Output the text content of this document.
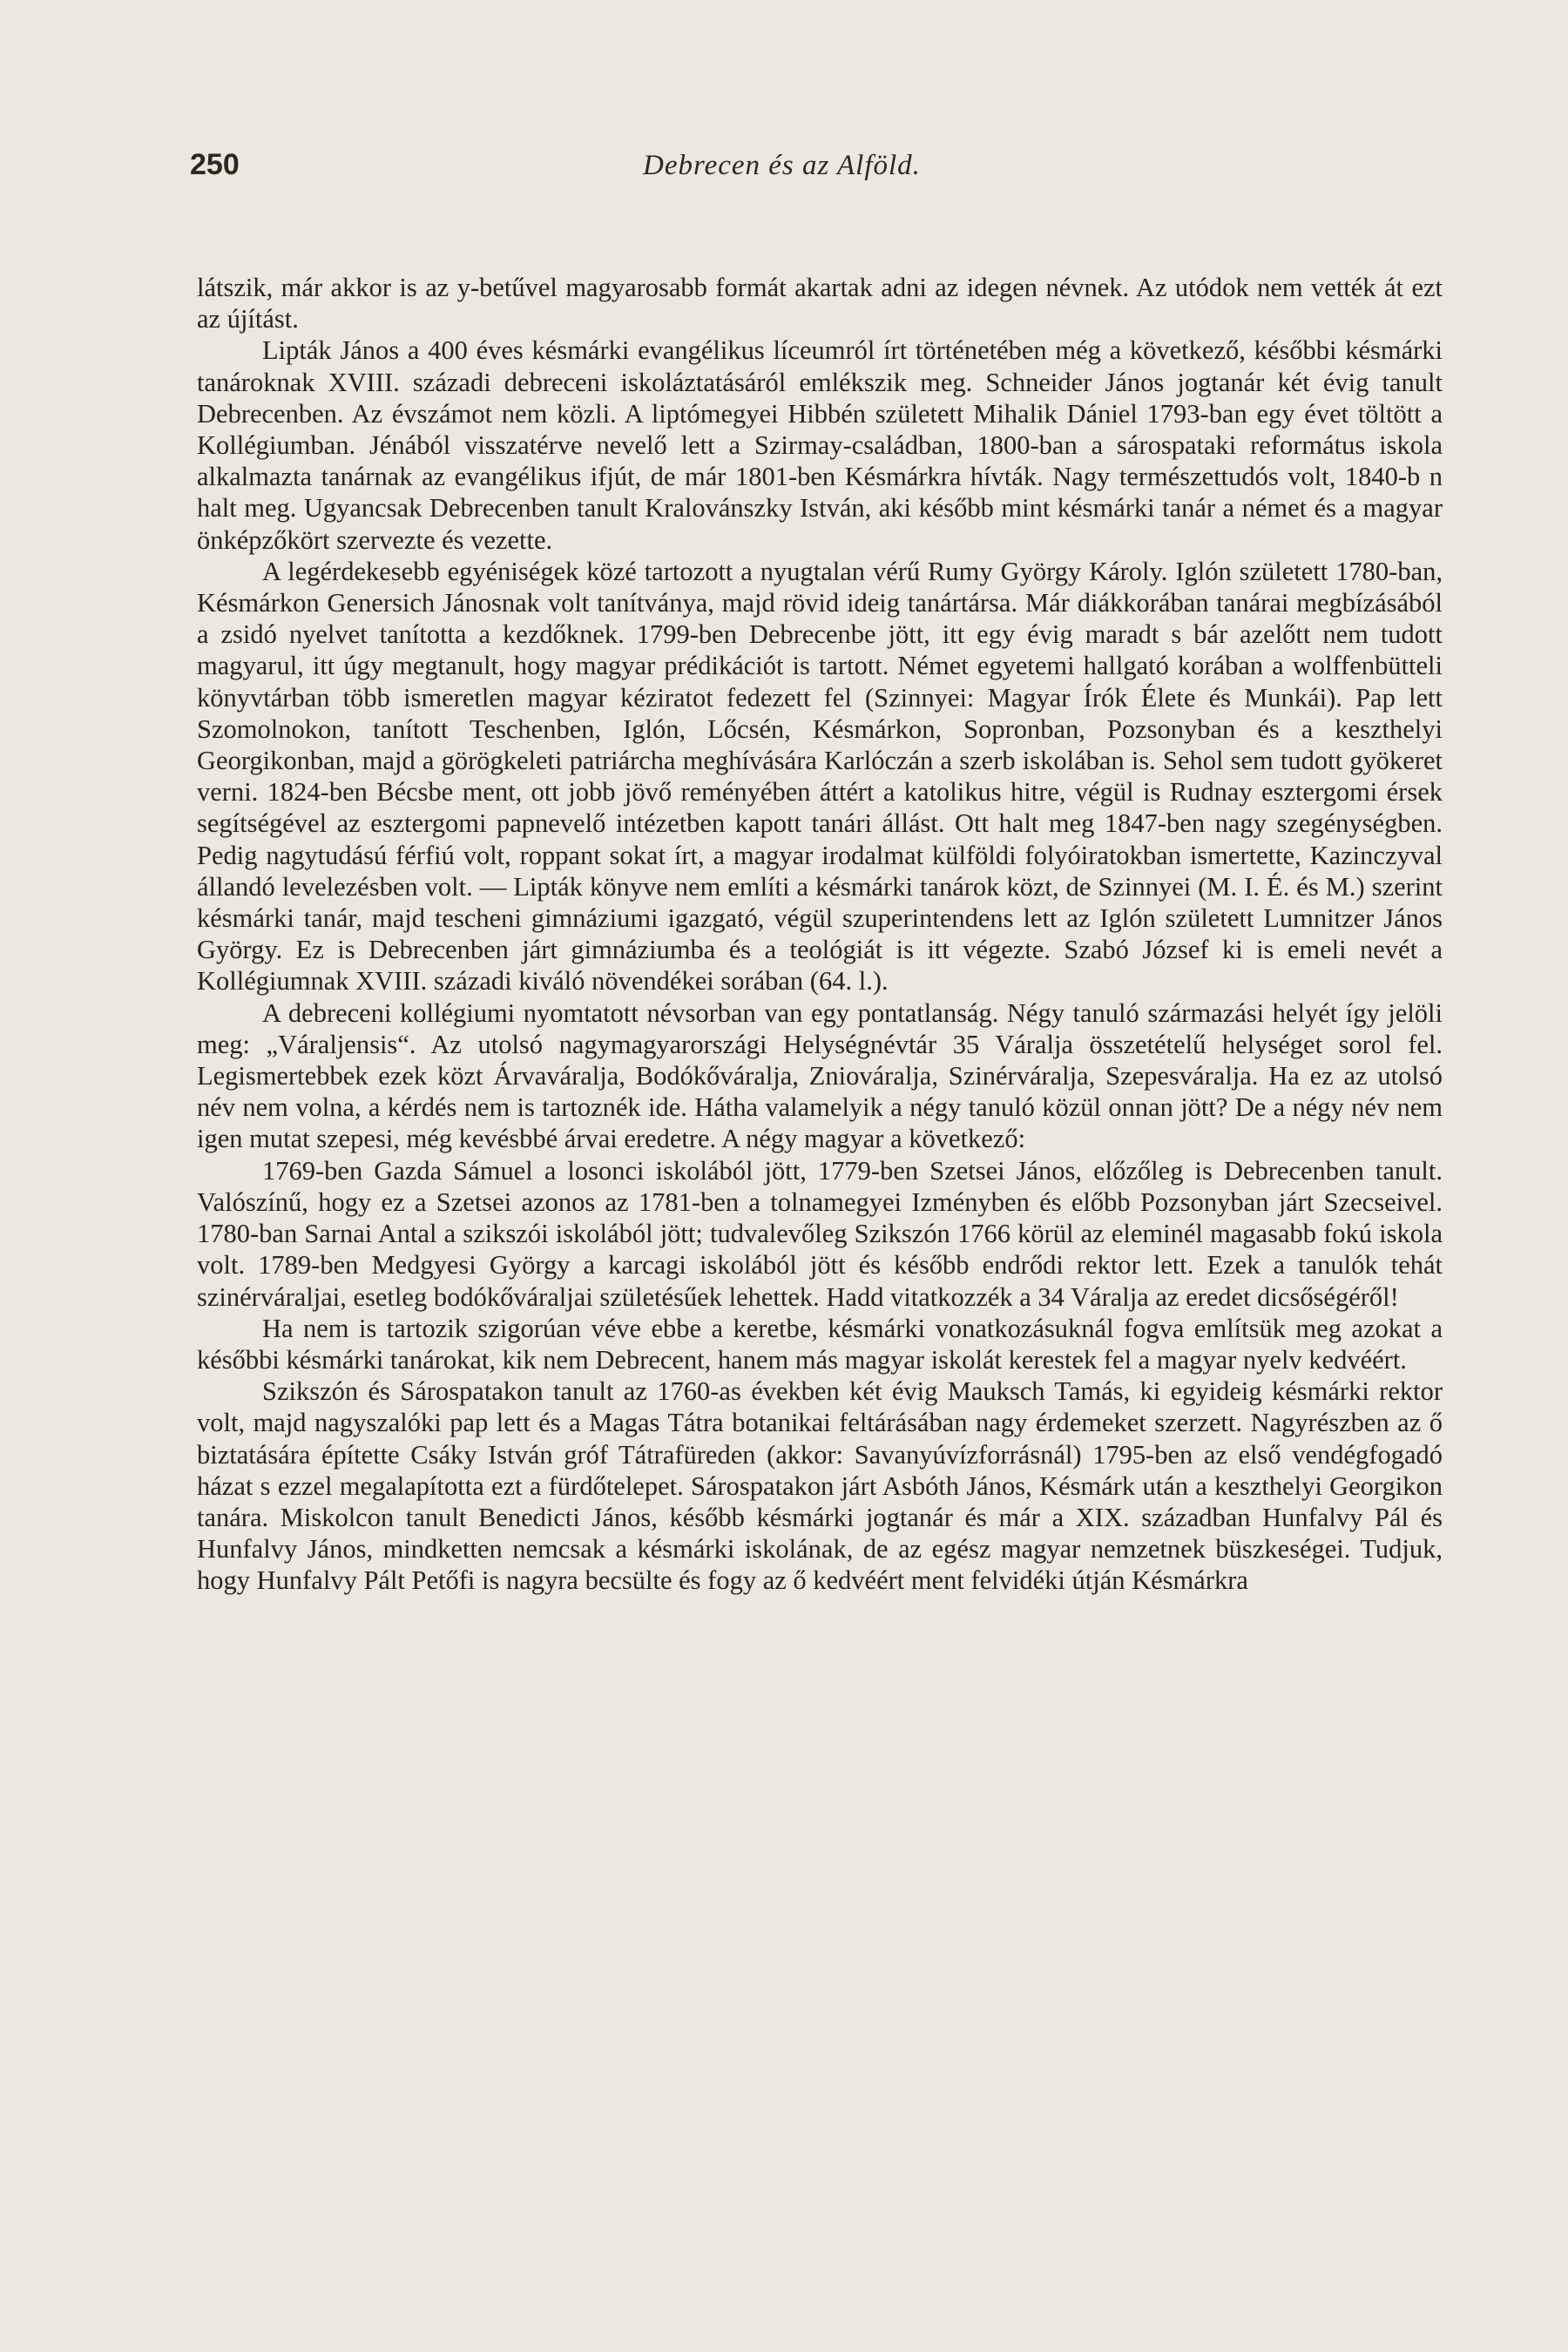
250	Debrecen és az Alföld.

látszik, már akkor is az y-betűvel magyarosabb formát akartak adni az idegen névnek. Az utódok nem vették át ezt az újítást.

Lipták János a 400 éves késmárki evangélikus líceumról írt történetében még a következő, későbbi késmárki tanároknak XVIII. századi debreceni iskoláztatásáról emlékszik meg. Schneider János jogtanár két évig tanult Debrecenben. Az évszámot nem közli. A liptómegyei Hibbén született Mihalik Dániel 1793-ban egy évet töltött a Kollégiumban. Jénából visszatérve nevelő lett a Szirmay-családban, 1800-ban a sárospataki református iskola alkalmazta tanárnak az evangélikus ifjút, de már 1801-ben Késmárkra hívták. Nagy természettudós volt, 1840-b n halt meg. Ugyancsak Debrecenben tanult Kralovánszky István, aki később mint késmárki tanár a német és a magyar önképzőkört szervezte és vezette.

A legérdekesebb egyéniségek közé tartozott a nyugtalan vérű Rumy György Károly. Iglón született 1780-ban, Késmárkon Genersich Jánosnak volt tanítványa, majd rövid ideig tanártársa. Már diákkorában tanárai megbízásából a zsidó nyelvet tanította a kezdőknek. 1799-ben Debrecenbe jött, itt egy évig maradt s bár azelőtt nem tudott magyarul, itt úgy megtanult, hogy magyar prédikációt is tartott. Német egyetemi hallgató korában a wolffenbütteli könyvtárban több ismeretlen magyar kéziratot fedezett fel (Szinnyei: Magyar Írók Élete és Munkái). Pap lett Szomolnokon, tanított Teschenben, Iglón, Lőcsén, Késmárkon, Sopronban, Pozsonyban és a keszthelyi Georgikonban, majd a görögkeleti patriárcha meghívására Karlóczán a szerb iskolában is. Sehol sem tudott gyökeret verni. 1824-ben Bécsbe ment, ott jobb jövő reményében áttért a katolikus hitre, végül is Rudnay esztergomi érsek segítségével az esztergomi papnevelő intézetben kapott tanári állást. Ott halt meg 1847-ben nagy szegénységben. Pedig nagytudású férfiú volt, roppant sokat írt, a magyar irodalmat külföldi folyóiratokban ismertette, Kazinczyval állandó levelezésben volt. — Lipták könyve nem említi a késmárki tanárok közt, de Szinnyei (M. I. É. és M.) szerint késmárki tanár, majd tescheni gimnáziumi igazgató, végül szuperintendens lett az Iglón született Lumnitzer János György. Ez is Debrecenben járt gimnáziumba és a teológiát is itt végezte. Szabó József ki is emeli nevét a Kollégiumnak XVIII. századi kiváló növendékei sorában (64. l.).

A debreceni kollégiumi nyomtatott névsorban van egy pontatlanság. Négy tanuló származási helyét így jelöli meg: „Váraljensis“. Az utolsó nagymagyarországi Helységnévtár 35 Váralja összetételű helységet sorol fel. Legismertebbek ezek közt Árvaváralja, Bodókőváralja, Zniováralja, Szinérváralja, Szepesváralja. Ha ez az utolsó név nem volna, a kérdés nem is tartoznék ide. Hátha valamelyik a négy tanuló közül onnan jött? De a négy név nem igen mutat szepesi, még kevésbbé árvai eredetre. A négy magyar a következő:

1769-ben Gazda Sámuel a losonci iskolából jött, 1779-ben Szetsei János, előzőleg is Debrecenben tanult. Valószínű, hogy ez a Szetsei azonos az 1781-ben a tolnamegyei Izményben és előbb Pozsonyban járt Szecseivel. 1780-ban Sarnai Antal a szikszói iskolából jött; tudvalevőleg Szikszón 1766 körül az eleminél magasabb fokú iskola volt. 1789-ben Medgyesi György a karcagi iskolából jött és később endrődi rektor lett. Ezek a tanulók tehát szinérváraljai, esetleg bodókőváraljai születésűek lehettek. Hadd vitatkozzék a 34 Váralja az eredet dicsőségéről!

Ha nem is tartozik szigorúan véve ebbe a keretbe, késmárki vonatkozásuknál fogva említsük meg azokat a későbbi késmárki tanárokat, kik nem Debrecent, hanem más magyar iskolát kerestek fel a magyar nyelv kedvéért.

Szikszón és Sárospatakon tanult az 1760-as években két évig Mauksch Tamás, ki egyideig késmárki rektor volt, majd nagyszalóki pap lett és a Magas Tátra botanikai feltárásában nagy érdemeket szerzett. Nagyrészben az ő biztatására építette Csáky István gróf Tátrafüreden (akkor: Savanyúvízforrásnál) 1795-ben az első vendégfogadó házat s ezzel megalapította ezt a fürdőtelepet. Sárospatakon járt Asbóth János, Késmárk után a keszthelyi Georgikon tanára. Miskolcon tanult Benedicti János, később késmárki jogtanár és már a XIX. században Hunfalvy Pál és Hunfalvy János, mindketten nemcsak a késmárki iskolának, de az egész magyar nemzetnek büszkeségei. Tudjuk, hogy Hunfalvy Pált Petőfi is nagyra becsülte és fogy az ő kedvéért ment felvidéki útján Késmárkra
